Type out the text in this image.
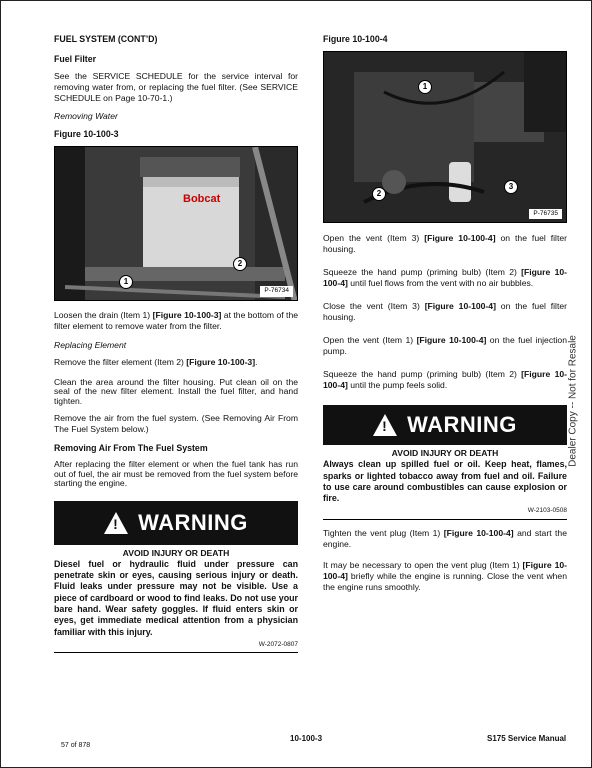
FUEL SYSTEM (CONT’D)
Fuel Filter

See the SERVICE SCHEDULE for the service interval for removing water from, or replacing the fuel filter. (See SERVICE SCHEDULE on Page 10-70-1.)

Removing Water
Figure 10-100-3
Bobcat
1
2
P-76734

Loosen the drain (Item 1) [Figure 10-100-3] at the bottom of the filter element to remove water from the filter.

Replacing Element

Remove the filter element (Item 2) [Figure 10-100-3].

Clean the area around the filter housing. Put clean oil on the seal of the new filter element. Install the fuel filter, and hand tighten.

Remove the air from the fuel system. (See Removing Air From The Fuel System below.)

Removing Air From The Fuel System

After replacing the filter element or when the fuel tank has run out of fuel, the air must be removed from the fuel system before starting the engine.

! WARNING
AVOID INJURY OR DEATH

Diesel fuel or hydraulic fluid under pressure can penetrate skin or eyes, causing serious injury or death. Fluid leaks under pressure may not be visible. Use a piece of cardboard or wood to find leaks. Do not use your bare hand. Wear safety goggles. If fluid enters skin or eyes, get immediate medical attention from a physician familiar with this injury.

W-2072-0807
Figure 10-100-4
1
2
3
P-76735

Open the vent (Item 3) [Figure 10-100-4] on the fuel filter housing.

Squeeze the hand pump (priming bulb) (Item 2) [Figure 10-100-4] until fuel flows from the vent with no air bubbles.

Close the vent (Item 3) [Figure 10-100-4] on the fuel filter housing.

Open the vent (Item 1) [Figure 10-100-4] on the fuel injection pump.

Squeeze the hand pump (priming bulb) (Item 2) [Figure 10-100-4] until the pump feels solid.

! WARNING
AVOID INJURY OR DEATH

Always clean up spilled fuel or oil. Keep heat, flames, sparks or lighted tobacco away from fuel and oil. Failure to use care around combustibles can cause explosion or fire.

W-2103-0508

Tighten the vent plug (Item 1) [Figure 10-100-4] and start the engine.

It may be necessary to open the vent plug (Item 1) [Figure 10-100-4] briefly while the engine is running. Close the vent when the engine runs smoothly.

Dealer Copy -- Not for Resale
57 of 878
10-100-3	S175 Service Manual
